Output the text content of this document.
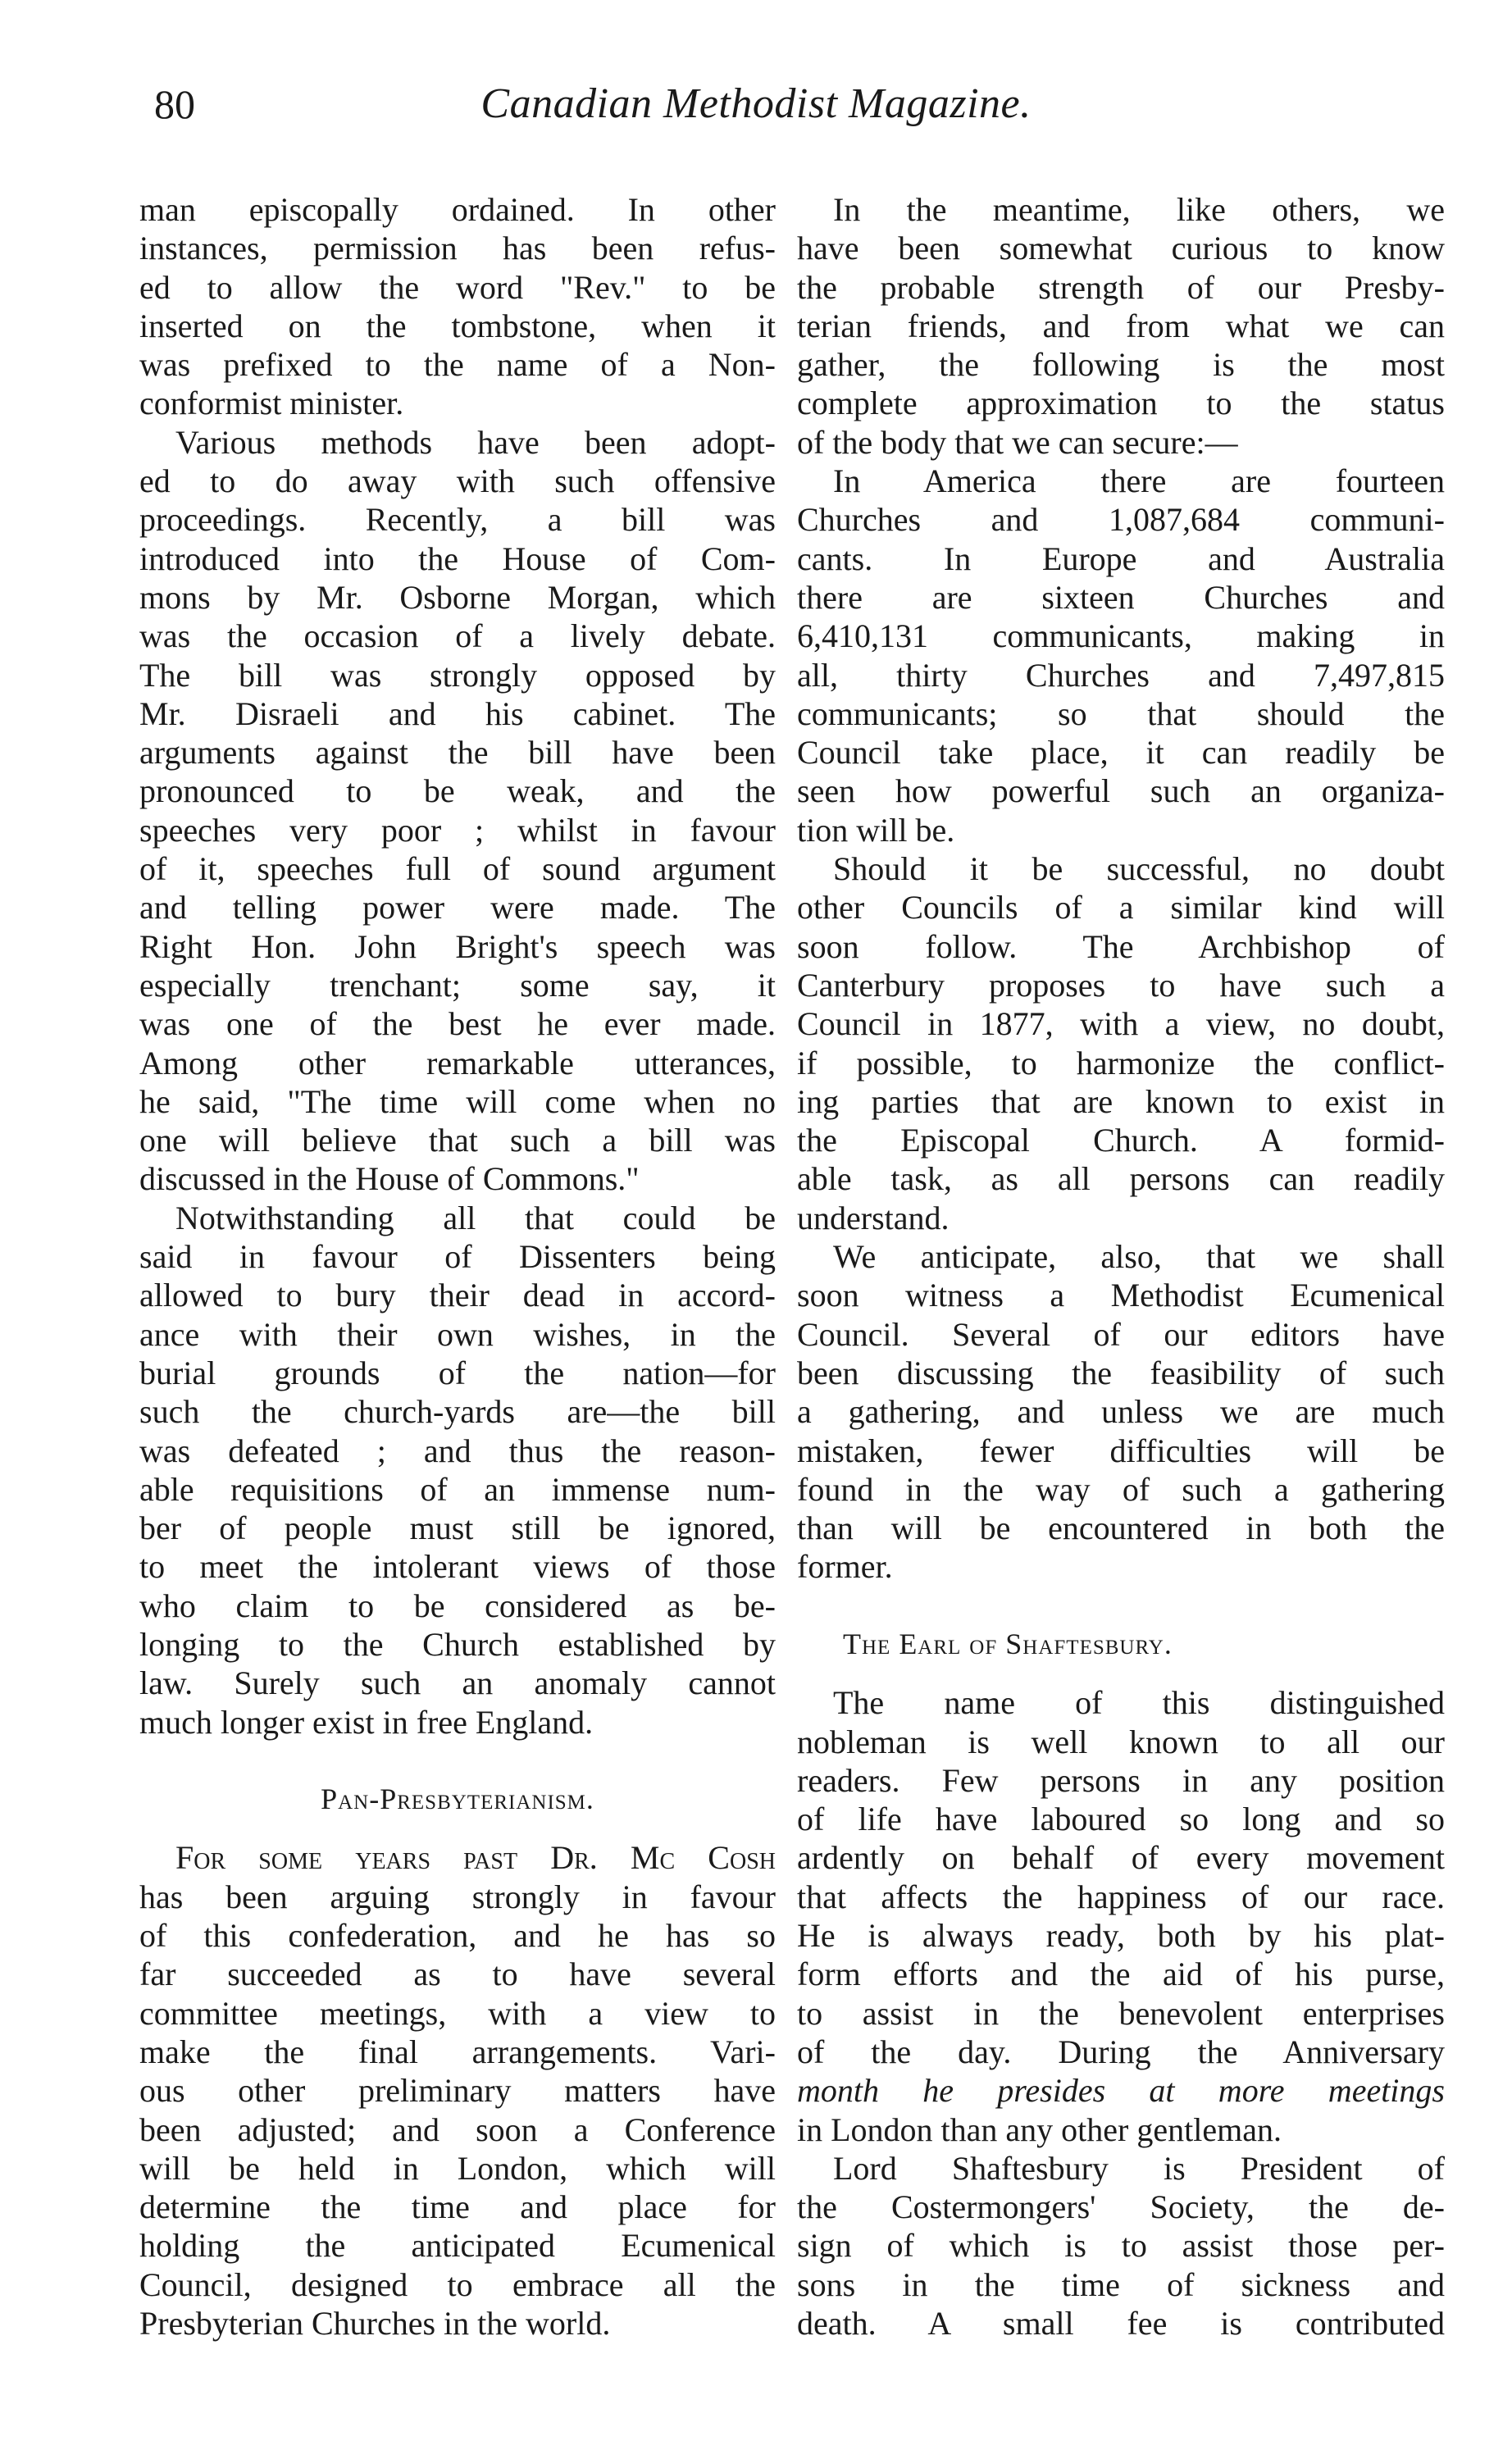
80	Canadian Methodist Magazine.
man episcopally ordained. In other
instances, permission has been refus-
ed to allow the word "Rev." to be
inserted on the tombstone, when it
was prefixed to the name of a Non-
conformist minister.
Various methods have been adopt-
ed to do away with such offensive
proceedings. Recently, a bill was
introduced into the House of Com-
mons by Mr. Osborne Morgan, which
was the occasion of a lively debate.
The bill was strongly opposed by
Mr. Disraeli and his cabinet. The
arguments against the bill have been
pronounced to be weak, and the
speeches very poor ; whilst in favour
of it, speeches full of sound argument
and telling power were made. The
Right Hon. John Bright's speech was
especially trenchant; some say, it
was one of the best he ever made.
Among other remarkable utterances,
he said, "The time will come when no
one will believe that such a bill was
discussed in the House of Commons."
Notwithstanding all that could be
said in favour of Dissenters being
allowed to bury their dead in accord-
ance with their own wishes, in the
burial grounds of the nation—for
such the church-yards are—the bill
was defeated ; and thus the reason-
able requisitions of an immense num-
ber of people must still be ignored,
to meet the intolerant views of those
who claim to be considered as be-
longing to the Church established by
law. Surely such an anomaly cannot
much longer exist in free England.
Pan-Presbyterianism.
For some years past Dr. Mc Cosh
has been arguing strongly in favour
of this confederation, and he has so
far succeeded as to have several
committee meetings, with a view to
make the final arrangements. Vari-
ous other preliminary matters have
been adjusted; and soon a Conference
will be held in London, which will
determine the time and place for
holding the anticipated Ecumenical
Council, designed to embrace all the
Presbyterian Churches in the world.
In the meantime, like others, we
have been somewhat curious to know
the probable strength of our Presby-
terian friends, and from what we can
gather, the following is the most
complete approximation to the status
of the body that we can secure:—
In America there are fourteen
Churches and 1,087,684 communi-
cants. In Europe and Australia
there are sixteen Churches and
6,410,131 communicants, making in
all, thirty Churches and 7,497,815
communicants; so that should the
Council take place, it can readily be
seen how powerful such an organiza-
tion will be.
Should it be successful, no doubt
other Councils of a similar kind will
soon follow. The Archbishop of
Canterbury proposes to have such a
Council in 1877, with a view, no doubt,
if possible, to harmonize the conflict-
ing parties that are known to exist in
the Episcopal Church. A formid-
able task, as all persons can readily
understand.
We anticipate, also, that we shall
soon witness a Methodist Ecumenical
Council. Several of our editors have
been discussing the feasibility of such
a gathering, and unless we are much
mistaken, fewer difficulties will be
found in the way of such a gathering
than will be encountered in both the
former.
The Earl of Shaftesbury.
The name of this distinguished
nobleman is well known to all our
readers. Few persons in any position
of life have laboured so long and so
ardently on behalf of every movement
that affects the happiness of our race.
He is always ready, both by his plat-
form efforts and the aid of his purse,
to assist in the benevolent enterprises
of the day. During the Anniversary
month he presides at more meetings
in London than any other gentleman.
Lord Shaftesbury is President of
the Costermongers' Society, the de-
sign of which is to assist those per-
sons in the time of sickness and
death. A small fee is contributed
